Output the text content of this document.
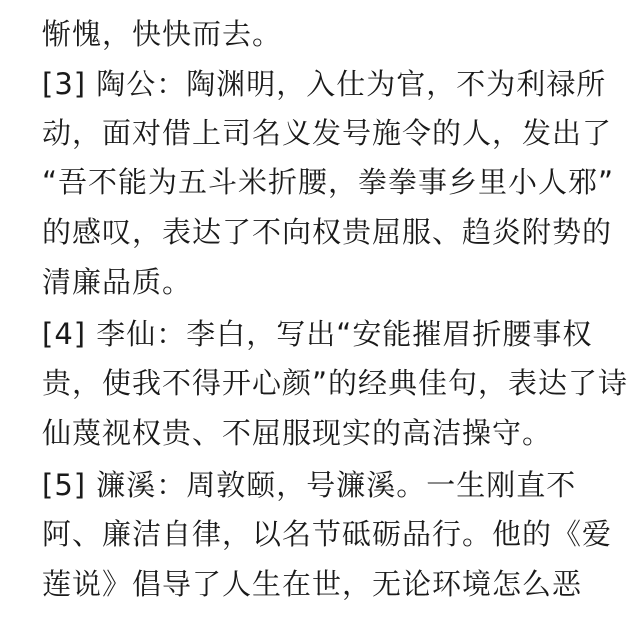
惭愧，快快而去。
[3] 陶公：陶渊明，入仕为官，不为利禄所
动，面对借上司名义发号施令的人，发出了
“吾不能为五斗米折腰，拳拳事乡里小人邪”
的感叹，表达了不向权贵屈服、趋炎附势的
清廉品质。
[4] 李仙：李白，写出“安能摧眉折腰事权
贵，使我不得开心颜”的经典佳句，表达了诗
仙蔑视权贵、不屈服现实的高洁操守。
[5] 濂溪：周敦颐，号濂溪。一生刚直不
阿、廉洁自律，以名节砥砺品行。他的《爱
莲说》倡导了人生在世，无论环境怎么恶
